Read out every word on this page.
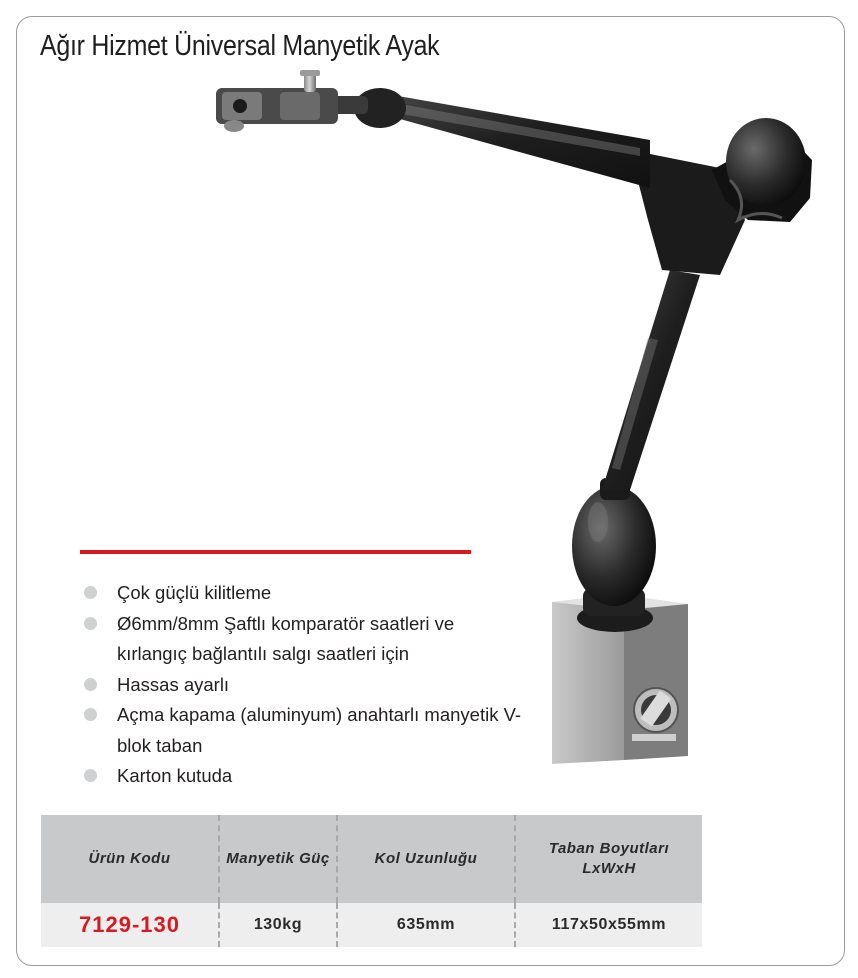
Ağır Hizmet Üniversal Manyetik Ayak
Çok güçlü kilitleme
Ø6mm/8mm Şaftlı komparatör saatleri ve kırlangıç bağlantılı salgı saatleri için
Hassas ayarlı
Açma kapama (aluminyum) anahtarlı manyetik V-blok taban
Karton kutuda
Ürün Kodu	Manyetik Güç	Kol Uzunluğu	Taban Boyutları LxWxH
7129-130	130kg	635mm	117x50x55mm
